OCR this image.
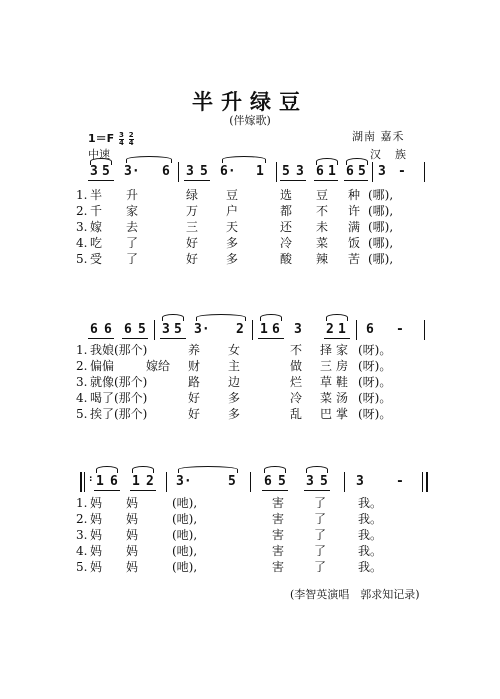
半升绿豆
(伴嫁歌)
$1=F \frac{3}{4}$
$\frac{2}{4}$
中速
湖南 嘉禾
汉族
3 5 3· 6 3 5 6· 1 5 3 6 1 6 5 3 -
1. 半 升	绿 豆	选 豆 种 (哪),
2. 千 家	万 户	都 不 许 (哪),
3. 嫁 去	三 天	还 未 满 (哪),
4. 吃 了	好 多	冷 菜 饭 (哪),
5. 受 了	好 多	酸 辣 苦 (哪),
6 6 6 5 3 5 3· 2 1 6 3 2 1 6 -
1. 我娘(那个)	养 女	不 择 家 (呀)。
2. 偏偏	嫁给 财 主	做 三 房 (呀)。
3. 就像(那个)	路 边	烂 草 鞋 (呀)。
4. 喝了(那个)	好 多	冷 菜 汤 (呀)。
5. 挨了(那个)	好 多	乱 巴 掌 (呀)。
: 1 6 1 2 3·	5 6 5 3 5 3 -
1. 妈 妈	(吔),	害 了	我。
2. 妈 妈	(吔),	害 了	我。
3. 妈 妈	(吔),	害 了	我。
4. 妈 妈	(吔),	害 了	我。
5. 妈 妈	(吔),	害 了	我。
(李智英演唱　郭求知记录)
